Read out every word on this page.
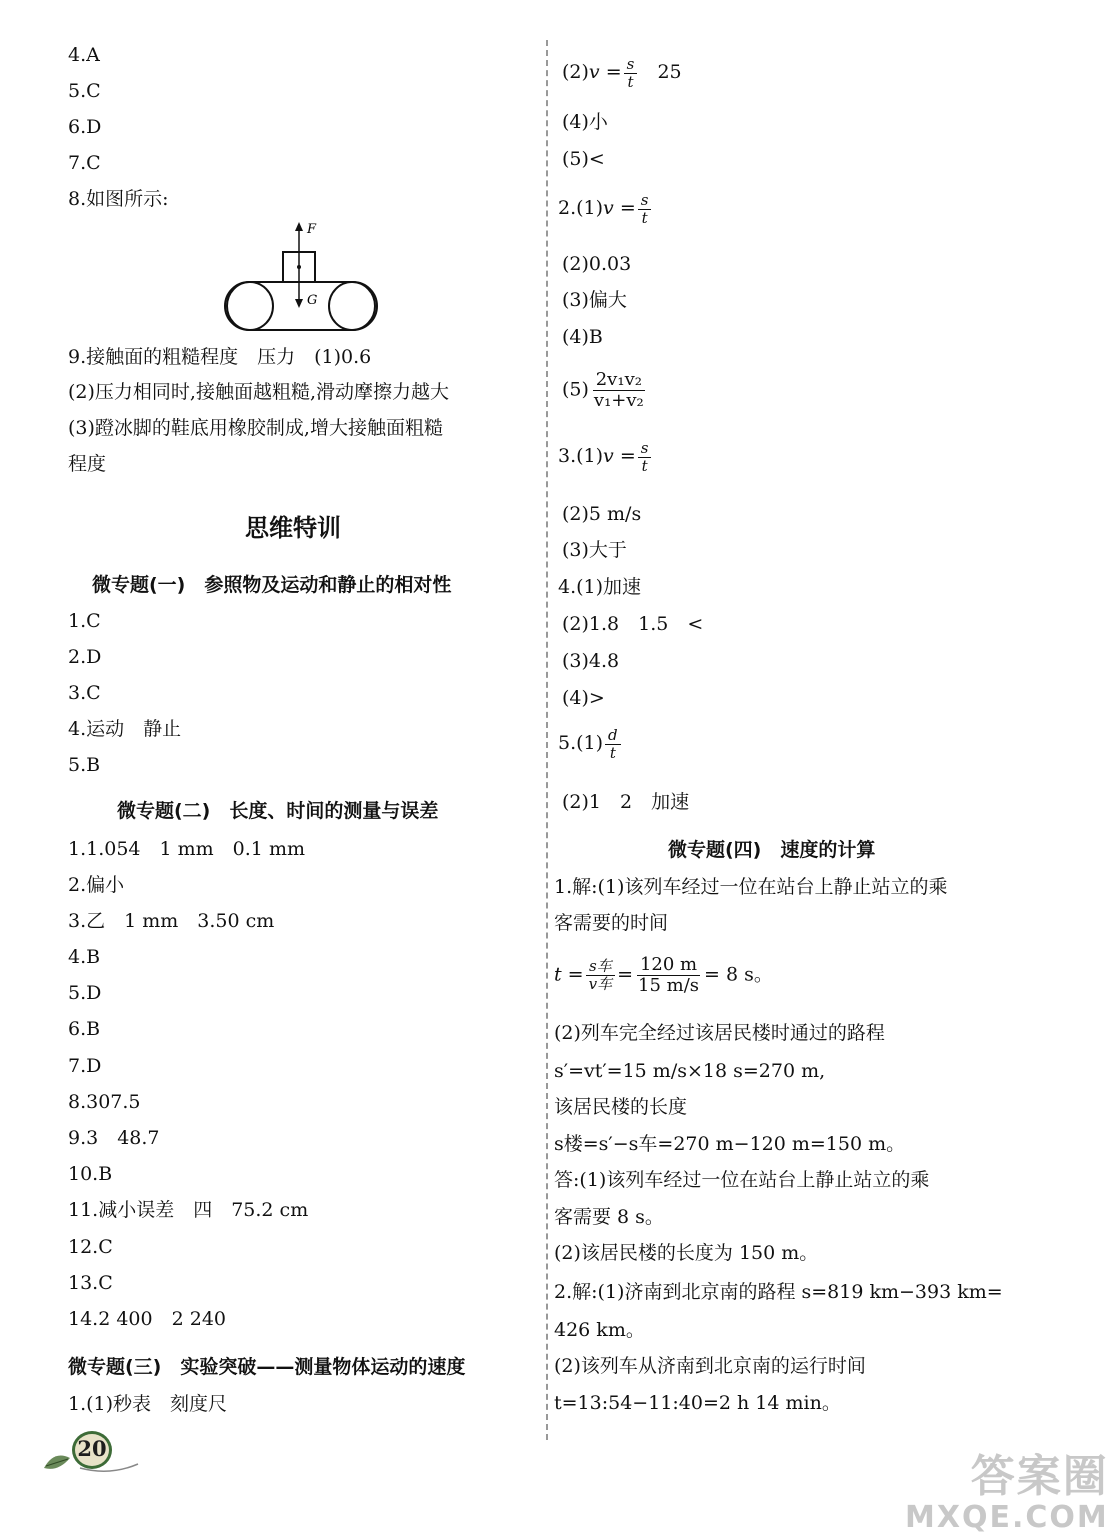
4.A
5.C
6.D
7.C
8.如图所示:
F
G
9.接触面的粗糙程度　压力　(1)0.6
(2)压力相同时,接触面越粗糙,滑动摩擦力越大
(3)蹬冰脚的鞋底用橡胶制成,增大接触面粗糙
程度
思维特训
微专题(一)　参照物及运动和静止的相对性
1.C
2.D
3.C
4.运动　静止
5.B
微专题(二)　长度、时间的测量与误差
1.1.054　1 mm　0.1 mm
2.偏小
3.乙　1 mm　3.50 cm
4.B
5.D
6.B
7.D
8.307.5
9.3　48.7
10.B
11.减小误差　四　75.2 cm
12.C
13.C
14.2 400　2 240
微专题(三)　实验突破——测量物体运动的速度
1.(1)秒表　刻度尺
$(2)v = \frac{s}{t} 25$
(4)小
(5)<
$2.(1)v = \frac{s}{t}$
(2)0.03
(3)偏大
(4)B
$(5) \frac{\text{2v₁v₂}}{\text{v₁+v₂}}$
$3.(1)v = \frac{s}{t}$
(2)5 m/s
(3)大于
4.(1)加速
(2)1.8　1.5　<
(3)4.8
(4)>
$5.(1) \frac{d}{t}$
(2)1　2　加速
微专题(四)　速度的计算
1.解:(1)该列车经过一位在站台上静止站立的乘
客需要的时间
$t = \frac{\text{s车}}{\text{v车}} = \frac{120 m}{15 m/s} = 8$ s。
(2)列车完全经过该居民楼时通过的路程
s′=vt′=15 m/s×18 s=270 m,
该居民楼的长度
s楼=s′−s车=270 m−120 m=150 m。
答:(1)该列车经过一位在站台上静止站立的乘
客需要 8 s。
(2)该居民楼的长度为 150 m。
2.解:(1)济南到北京南的路程 s=819 km−393 km=
426 km。
(2)该列车从济南到北京南的运行时间
t=13:54−11:40=2 h 14 min。
20
答案圈
MXQE.COM
